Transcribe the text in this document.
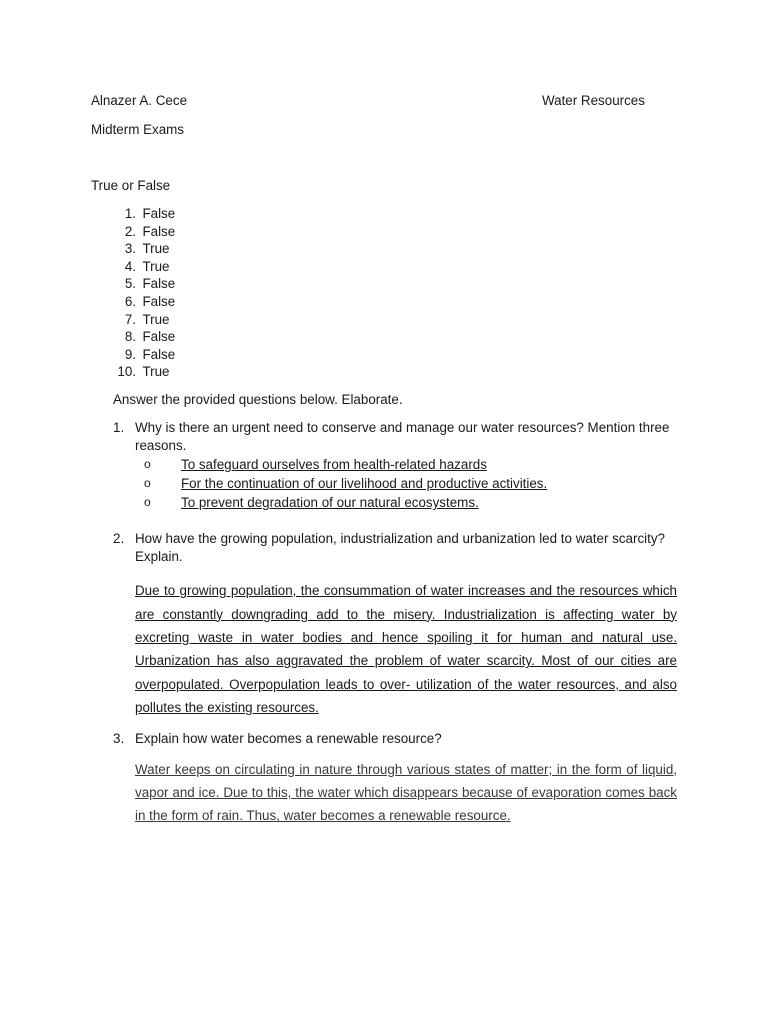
Alnazer A. Cece	Water Resources
Midterm Exams
True or False
1. False
2. False
3. True
4. True
5. False
6. False
7. True
8. False
9. False
10. True
Answer the provided questions below. Elaborate.
1. Why is there an urgent need to conserve and manage our water resources? Mention three reasons.
o To safeguard ourselves from health-related hazards
o For the continuation of our livelihood and productive activities.
o To prevent degradation of our natural ecosystems.
2. How have the growing population, industrialization and urbanization led to water scarcity? Explain.
Due to growing population, the consummation of water increases and the resources which are constantly downgrading add to the misery. Industrialization is affecting water by excreting waste in water bodies and hence spoiling it for human and natural use. Urbanization has also aggravated the problem of water scarcity. Most of our cities are overpopulated. Overpopulation leads to over- utilization of the water resources, and also pollutes the existing resources.
3. Explain how water becomes a renewable resource?
Water keeps on circulating in nature through various states of matter; in the form of liquid, vapor and ice. Due to this, the water which disappears because of evaporation comes back in the form of rain. Thus, water becomes a renewable resource.
